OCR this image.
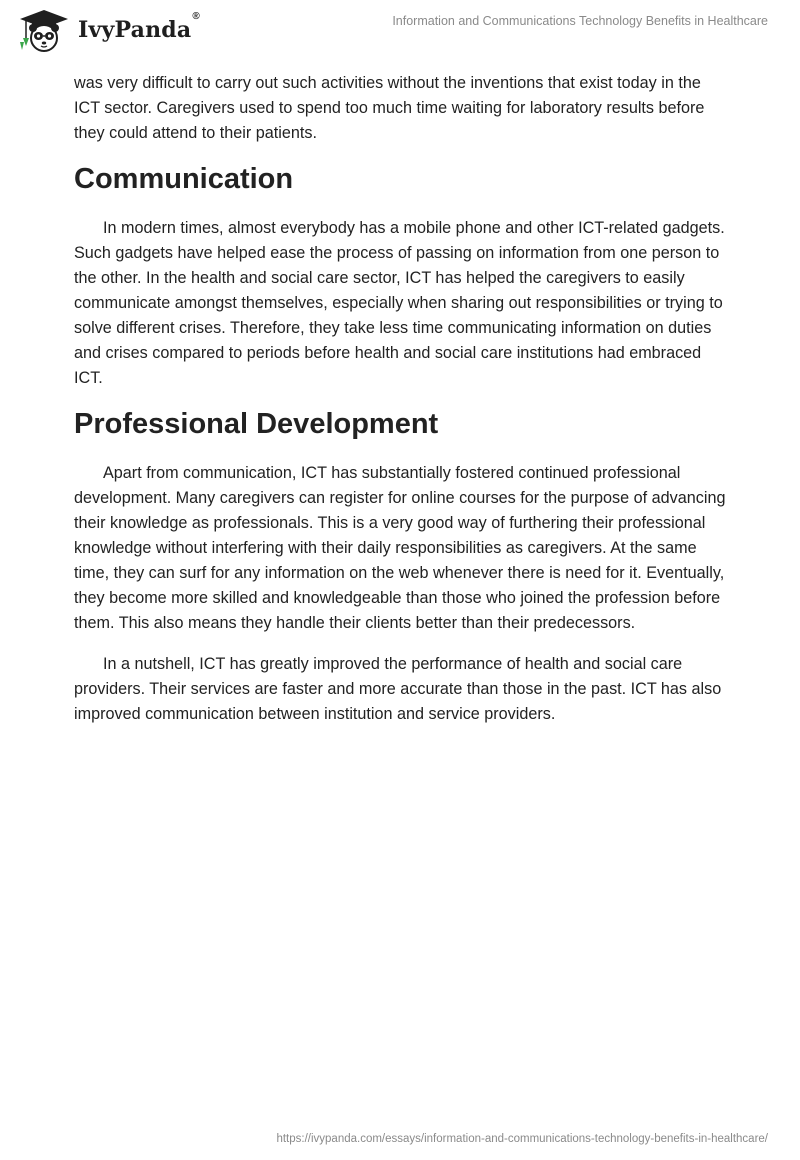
IvyPanda®	Information and Communications Technology Benefits in Healthcare

was very difficult to carry out such activities without the inventions that exist today in the ICT sector. Caregivers used to spend too much time waiting for laboratory results before they could attend to their patients.

Communication

In modern times, almost everybody has a mobile phone and other ICT-related gadgets. Such gadgets have helped ease the process of passing on information from one person to the other. In the health and social care sector, ICT has helped the caregivers to easily communicate amongst themselves, especially when sharing out responsibilities or trying to solve different crises. Therefore, they take less time communicating information on duties and crises compared to periods before health and social care institutions had embraced ICT.

Professional Development

Apart from communication, ICT has substantially fostered continued professional development. Many caregivers can register for online courses for the purpose of advancing their knowledge as professionals. This is a very good way of furthering their professional knowledge without interfering with their daily responsibilities as caregivers. At the same time, they can surf for any information on the web whenever there is need for it. Eventually, they become more skilled and knowledgeable than those who joined the profession before them. This also means they handle their clients better than their predecessors.

In a nutshell, ICT has greatly improved the performance of health and social care providers. Their services are faster and more accurate than those in the past. ICT has also improved communication between institution and service providers.

https://ivypanda.com/essays/information-and-communications-technology-benefits-in-healthcare/
